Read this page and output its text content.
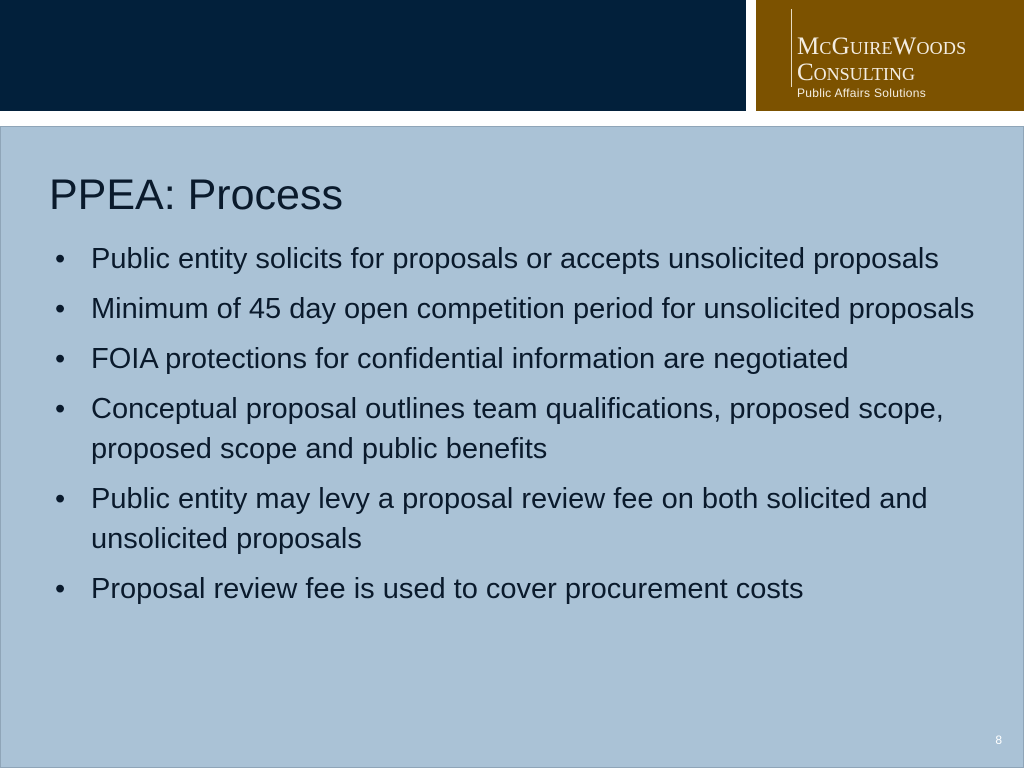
McGuireWoods
Consulting
Public Affairs Solutions
PPEA: Process
• Public entity solicits for proposals or accepts unsolicited proposals
• Minimum of 45 day open competition period for unsolicited proposals
• FOIA protections for confidential information are negotiated
• Conceptual proposal outlines team qualifications, proposed scope, proposed scope and public benefits
• Public entity may levy a proposal review fee on both solicited and unsolicited proposals
• Proposal review fee is used to cover procurement costs
8
